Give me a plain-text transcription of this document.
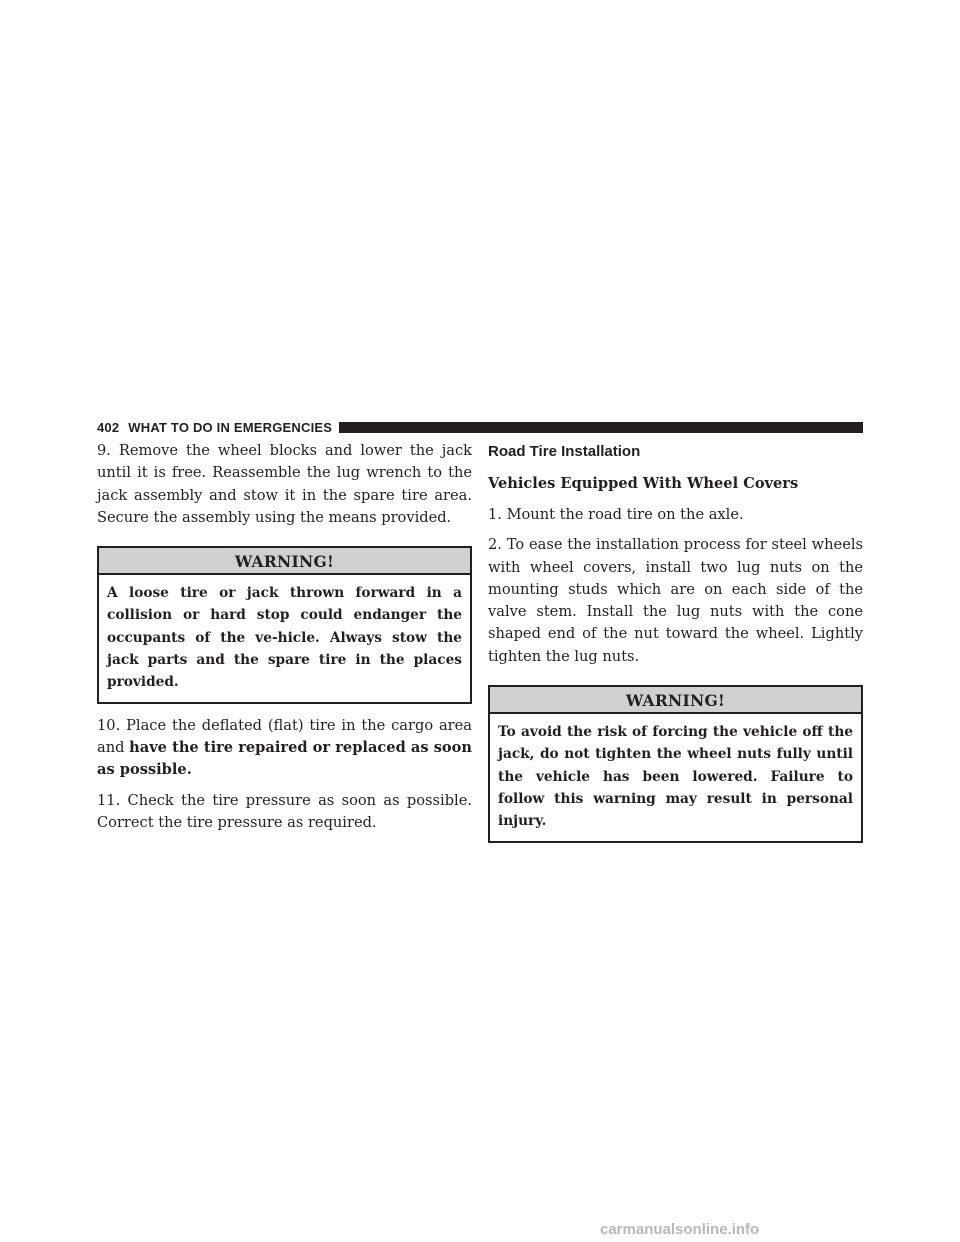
402 WHAT TO DO IN EMERGENCIES

9. Remove the wheel blocks and lower the jack until it is free. Reassemble the lug wrench to the jack assembly and stow it in the spare tire area. Secure the assembly using the means provided.

WARNING!
A loose tire or jack thrown forward in a collision or hard stop could endanger the occupants of the ve-hicle. Always stow the jack parts and the spare tire in the places provided.

10. Place the deflated (flat) tire in the cargo area and have the tire repaired or replaced as soon as possible.

11. Check the tire pressure as soon as possible. Correct the tire pressure as required.

Road Tire Installation
Vehicles Equipped With Wheel Covers

1. Mount the road tire on the axle.

2. To ease the installation process for steel wheels with wheel covers, install two lug nuts on the mounting studs which are on each side of the valve stem. Install the lug nuts with the cone shaped end of the nut toward the wheel. Lightly tighten the lug nuts.

WARNING!
To avoid the risk of forcing the vehicle off the jack, do not tighten the wheel nuts fully until the vehicle has been lowered. Failure to follow this warning may result in personal injury.
carmanualsonline.info
